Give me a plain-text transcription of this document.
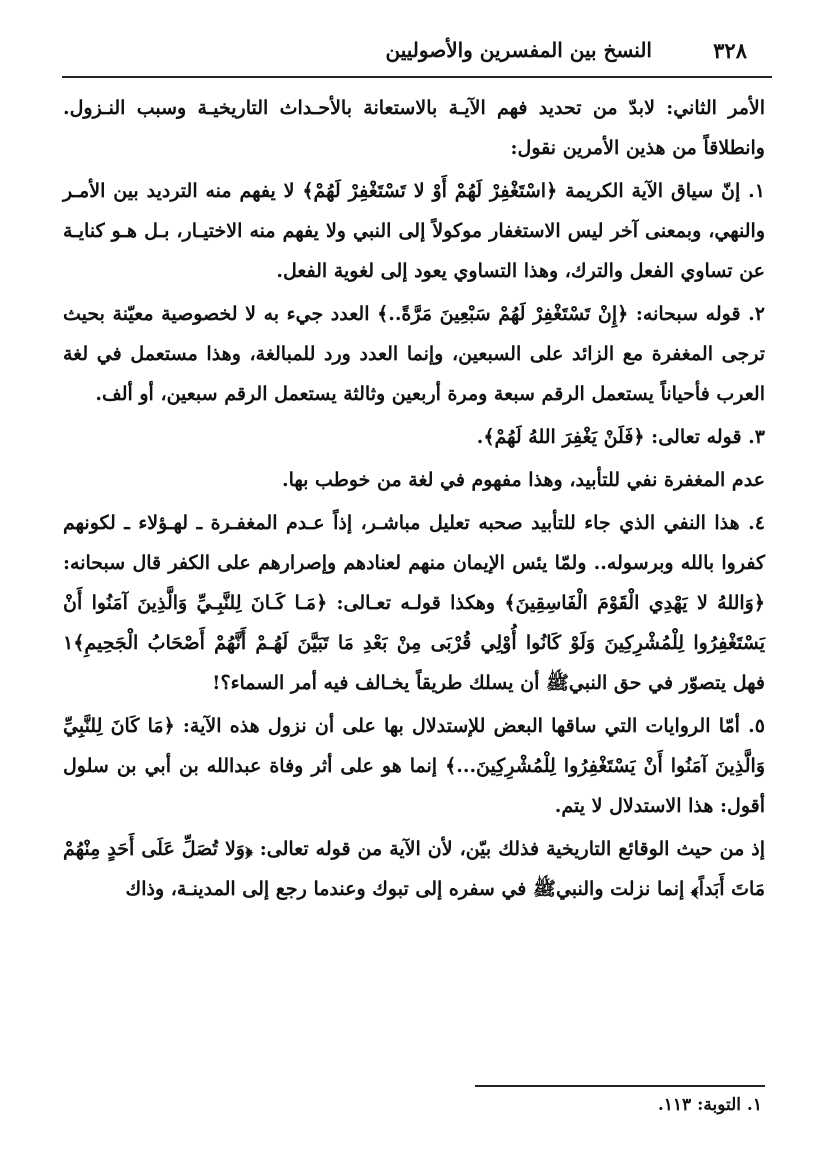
٣٢٨
النسخ بين المفسرين والأصوليين

الأمر الثاني: لابدّ من تحديد فهم الآيـة بالاستعانة بالأحـداث التاريخيـة وسبب النـزول. وانطلاقاً من هذين الأمرين نقول:

١. إنّ سياق الآية الكريمة ﴿اسْتَغْفِرْ لَهُمْ أَوْ لا تَسْتَغْفِرْ لَهُمْ﴾ لا يفهم منه الترديد بين الأمـر والنهي، وبمعنى آخر ليس الاستغفار موكولاً إلى النبي ولا يفهم منه الاختيـار، بـل هـو كنايـة عن تساوي الفعل والترك، وهذا التساوي يعود إلى لغوية الفعل.

٢. قوله سبحانه: ﴿إِنْ تَسْتَغْفِرْ لَهُمْ سَبْعِينَ مَرَّةً..﴾ العدد جيء به لا لخصوصية معيّنة بحيث ترجى المغفرة مع الزائد على السبعين، وإنما العدد ورد للمبالغة، وهذا مستعمل في لغة العرب فأحياناً يستعمل الرقم سبعة ومرة أربعين وثالثة يستعمل الرقم سبعين، أو ألف.

٣. قوله تعالى: ﴿فَلَنْ يَغْفِرَ اللهُ لَهُمْ﴾.

عدم المغفرة نفي للتأبيد، وهذا مفهوم في لغة من خوطب بها.

٤. هذا النفي الذي جاء للتأبيد صحبه تعليل مباشـر، إذاً عـدم المغفـرة ـ لهـؤلاء ـ لكونهم كفروا بالله وبرسوله.. ولمّا يئس الإيمان منهم لعنادهم وإصرارهم على الكفر قال سبحانه: ﴿وَاللهُ لا يَهْدِي الْقَوْمَ الْفَاسِقِينَ﴾ وهكذا قولـه تعـالى: ﴿مَـا كَـانَ لِلنَّبِـيِّ وَالَّذِينَ آمَنُوا أَنْ يَسْتَغْفِرُوا لِلْمُشْرِكِينَ وَلَوْ كَانُوا أُوْلِي قُرْبَى مِنْ بَعْدِ مَا تَبَيَّنَ لَهُـمْ أَنَّهُمْ أَصْحَابُ الْجَحِيمِ﴾١ فهل يتصوّر في حق النبيﷺ أن يسلك طريقاً يخـالف فيه أمر السماء؟!

٥. أمّا الروايات التي ساقها البعض للإستدلال بها على أن نزول هذه الآية: ﴿مَا كَانَ لِلنَّبِيِّ وَالَّذِينَ آمَنُوا أَنْ يَسْتَغْفِرُوا لِلْمُشْرِكِينَ...﴾ إنما هو على أثر وفاة عبدالله بن أبي بن سلول أقول: هذا الاستدلال لا يتم.

إذ من حيث الوقائع التاريخية فذلك بيّن، لأن الآية من قوله تعالى: ﴿وَلا تُصَلِّ عَلَى أَحَدٍ مِنْهُمْ مَاتَ أَبَداً﴾ إنما نزلت والنبيﷺ في سفره إلى تبوك وعندما رجع إلى المدينـة، وذاك

١. التوبة: ١١٣.
